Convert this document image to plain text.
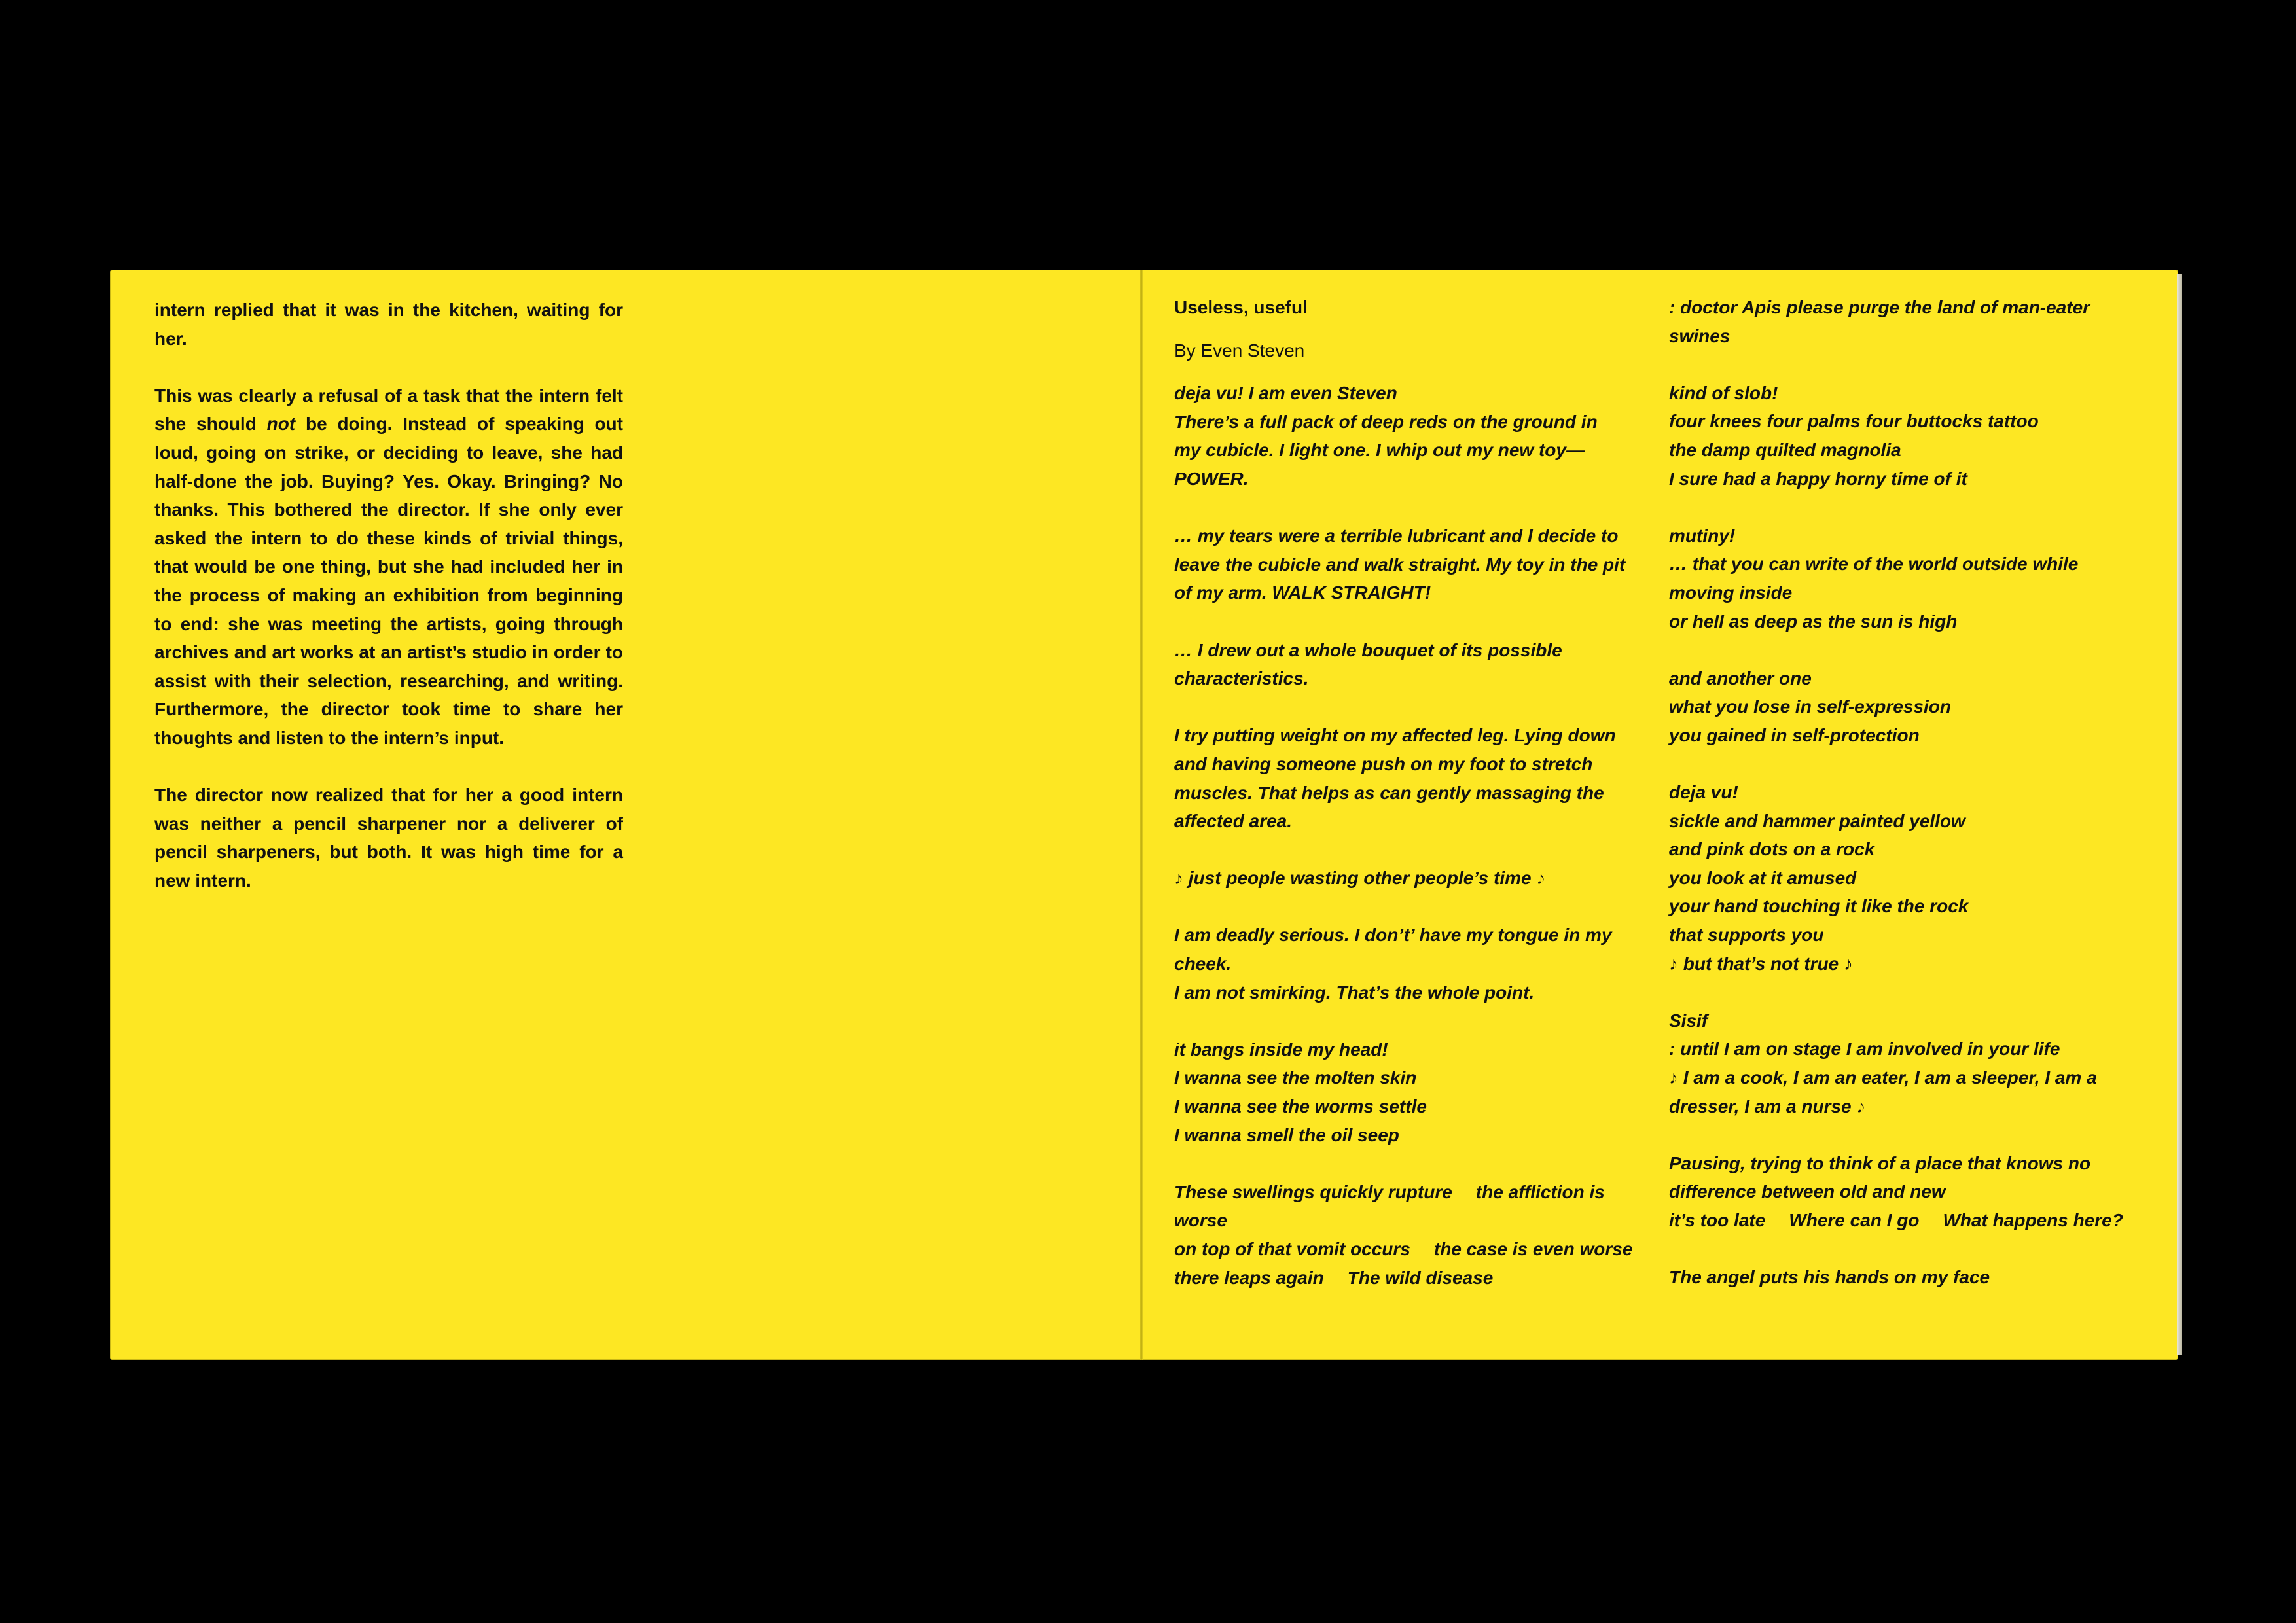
intern replied that it was in the kitchen, waiting for her.

This was clearly a refusal of a task that the intern felt she should not be doing. Instead of speaking out loud, going on strike, or deciding to leave, she had half-done the job. Buying? Yes. Okay. Bringing? No thanks. This bothered the director. If she only ever asked the intern to do these kinds of trivial things, that would be one thing, but she had included her in the process of making an exhibition from beginning to end: she was meeting the artists, going through archives and art works at an artist’s studio in order to assist with their selection, researching, and writing. Furthermore, the director took time to share her thoughts and listen to the intern’s input.

The director now realized that for her a good intern was neither a pencil sharpener nor a deliverer of pencil sharpeners, but both. It was high time for a new intern.

Useless, useful
By Even Steven
deja vu! I am even Steven
There’s a full pack of deep reds on the ground in
my cubicle. I light one. I whip out my new toy—
POWER.
… my tears were a terrible lubricant and I decide to
leave the cubicle and walk straight. My toy in the pit
of my arm. WALK STRAIGHT!
… I drew out a whole bouquet of its possible
characteristics.
I try putting weight on my affected leg. Lying down
and having someone push on my foot to stretch
muscles. That helps as can gently massaging the
affected area.
♪ just people wasting other people’s time ♪
I am deadly serious. I don’t’ have my tongue in my
cheek.
I am not smirking. That’s the whole point.
it bangs inside my head!
I wanna see the molten skin
I wanna see the worms settle
I wanna smell the oil seep
These swellings quickly rupture the affliction is
worse
on top of that vomit occurs the case is even worse
there leaps again The wild disease
: doctor Apis please purge the land of man-eater
swines
kind of slob!
four knees four palms four buttocks tattoo
the damp quilted magnolia
I sure had a happy horny time of it
mutiny!
… that you can write of the world outside while
moving inside
or hell as deep as the sun is high
and another one
what you lose in self-expression
you gained in self-protection
deja vu!
sickle and hammer painted yellow
and pink dots on a rock
you look at it amused
your hand touching it like the rock
that supports you
♪ but that’s not true ♪
Sisif
: until I am on stage I am involved in your life
♪ I am a cook, I am an eater, I am a sleeper, I am a
dresser, I am a nurse ♪
Pausing, trying to think of a place that knows no
difference between old and new
it’s too late Where can I go What happens here?
The angel puts his hands on my face
